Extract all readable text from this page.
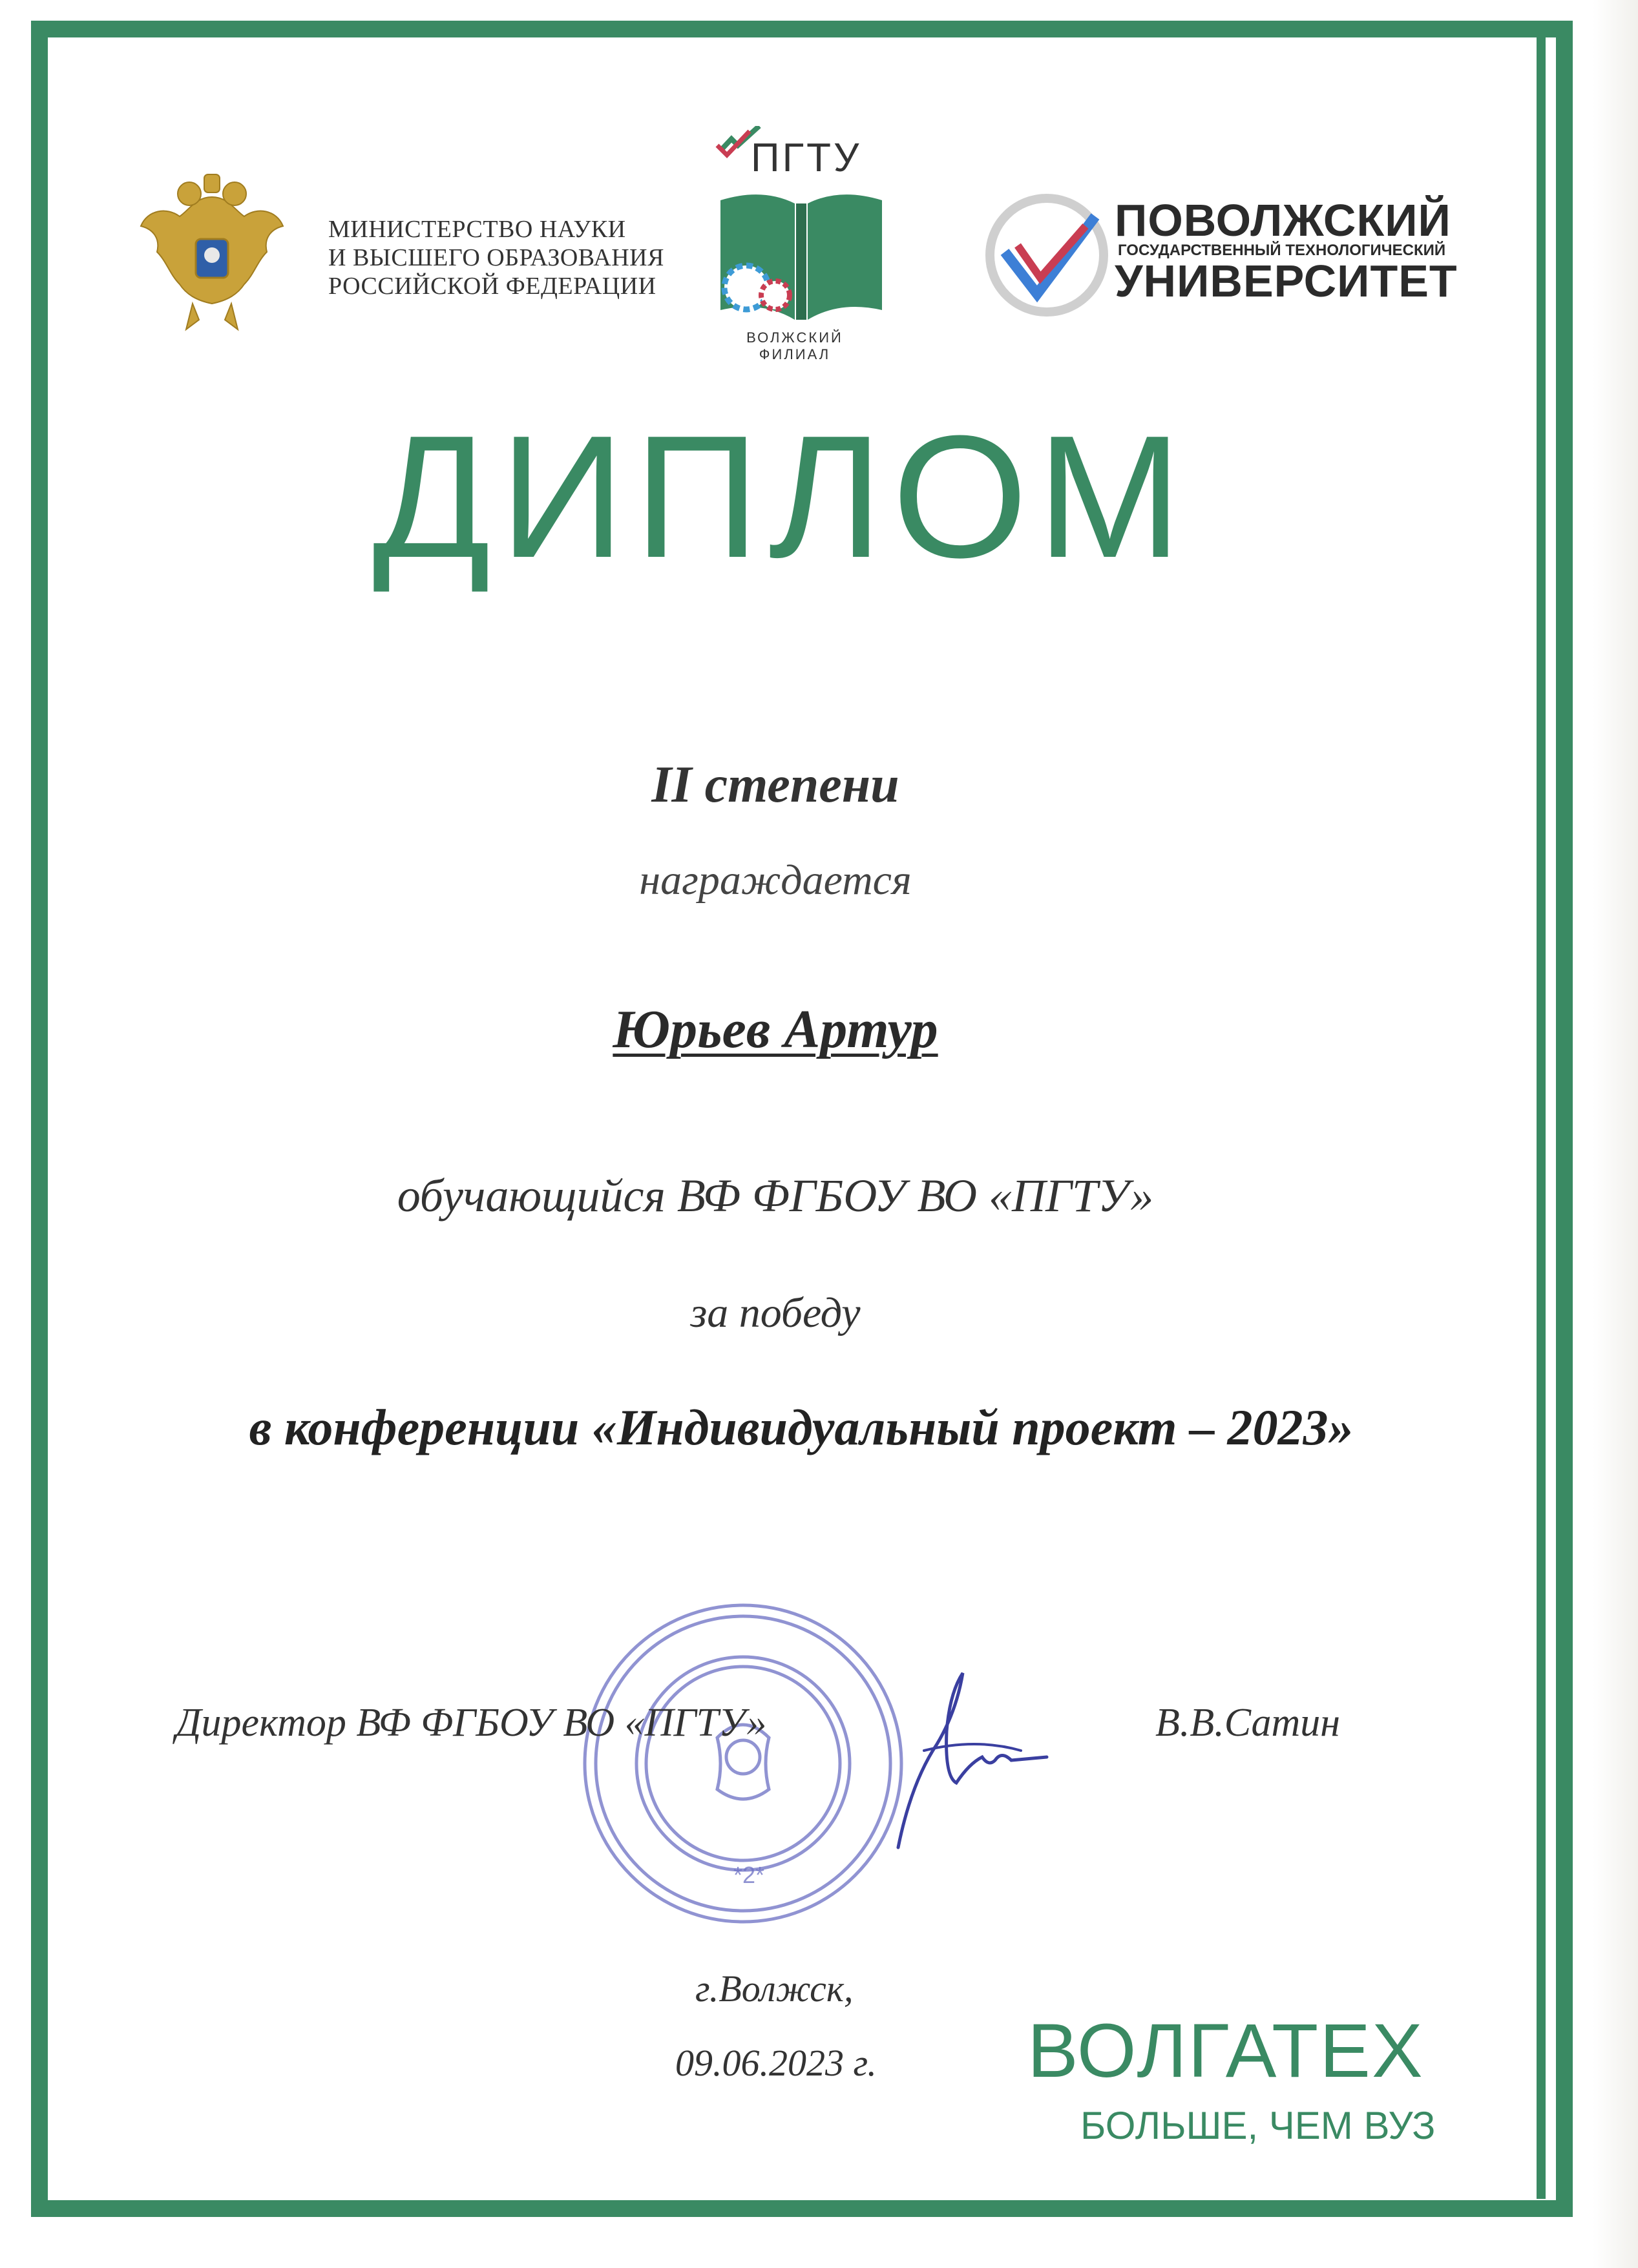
МИНИСТЕРСТВО НАУКИ
И ВЫСШЕГО ОБРАЗОВАНИЯ
РОССИЙСКОЙ ФЕДЕРАЦИИ
ПГТУ
ВОЛЖСКИЙ
ФИЛИАЛ
ПОВОЛЖСКИЙ
ГОСУДАРСТВЕННЫЙ ТЕХНОЛОГИЧЕСКИЙ
УНИВЕРСИТЕТ
ДИПЛОМ
II степени
награждается
Юрьев Артур
обучающийся ВФ ФГБОУ ВО «ПГТУ»
за победу
в конференции «Индивидуальный проект – 2023»
*2*
Директор ВФ ФГБОУ ВО «ПГТУ»	В.В.Сатин
г.Волжск,
09.06.2023 г. ВОЛГАТЕХ
БОЛЬШЕ, ЧЕМ ВУЗ
